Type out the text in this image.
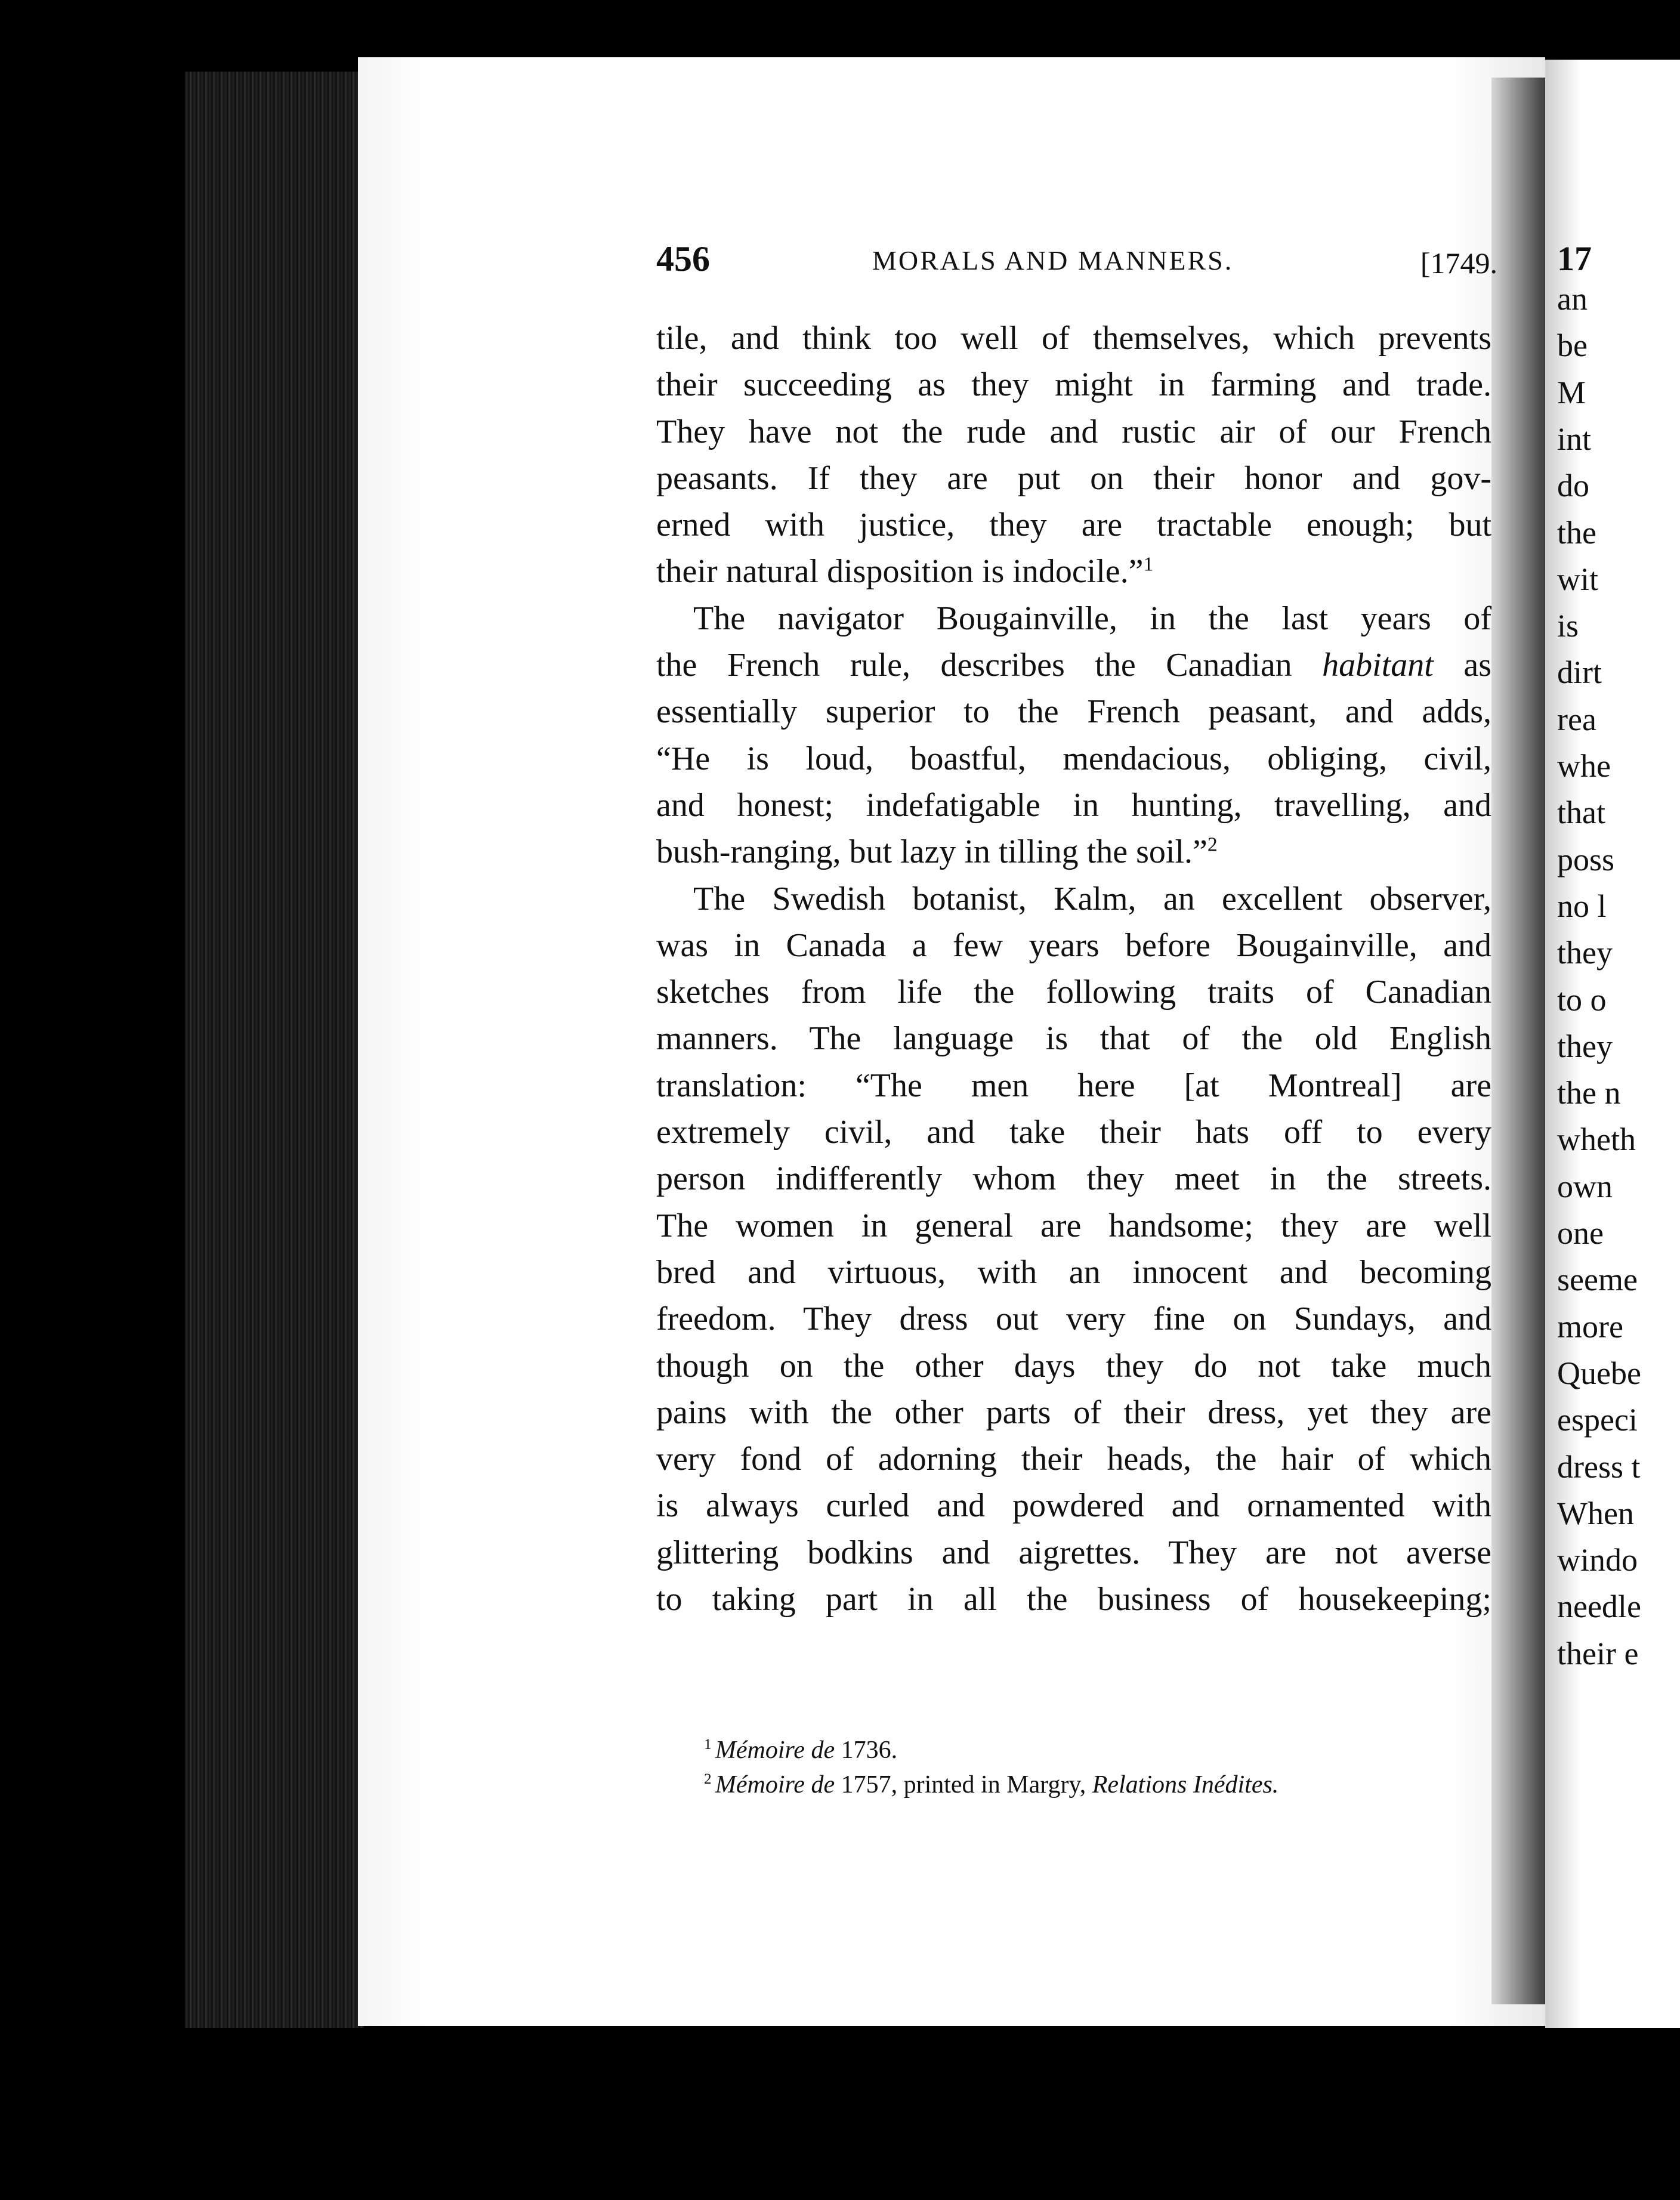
17
an
be
M
int
do
the
wit
is
dirt
rea
whe
that
poss
no l
they
to o
they
the n
wheth
own
one
seeme
more
Quebe
especi
dress t
When
windo
needle
their e
456	MORALS AND MANNERS.	[1749.
tile, and think too well of themselves, which prevents
their succeeding as they might in farming and trade.
They have not the rude and rustic air of our French
peasants. If they are put on their honor and gov-
erned with justice, they are tractable enough; but
their natural disposition is indocile.”$^1$
The navigator Bougainville, in the last years of
the French rule, describes the Canadian habitant as
essentially superior to the French peasant, and adds,
“He is loud, boastful, mendacious, obliging, civil,
and honest; indefatigable in hunting, travelling, and
bush-ranging, but lazy in tilling the soil.”$^2$
The Swedish botanist, Kalm, an excellent observer,
was in Canada a few years before Bougainville, and
sketches from life the following traits of Canadian
manners. The language is that of the old English
translation: “The men here [at Montreal] are
extremely civil, and take their hats off to every
person indifferently whom they meet in the streets.
The women in general are handsome; they are well
bred and virtuous, with an innocent and becoming
freedom. They dress out very fine on Sundays, and
though on the other days they do not take much
pains with the other parts of their dress, yet they are
very fond of adorning their heads, the hair of which
is always curled and powdered and ornamented with
glittering bodkins and aigrettes. They are not averse
to taking part in all the business of housekeeping;
$^1$ Mémoire de 1736.
$^2$ Mémoire de 1757, printed in Margry, Relations Inédites.
